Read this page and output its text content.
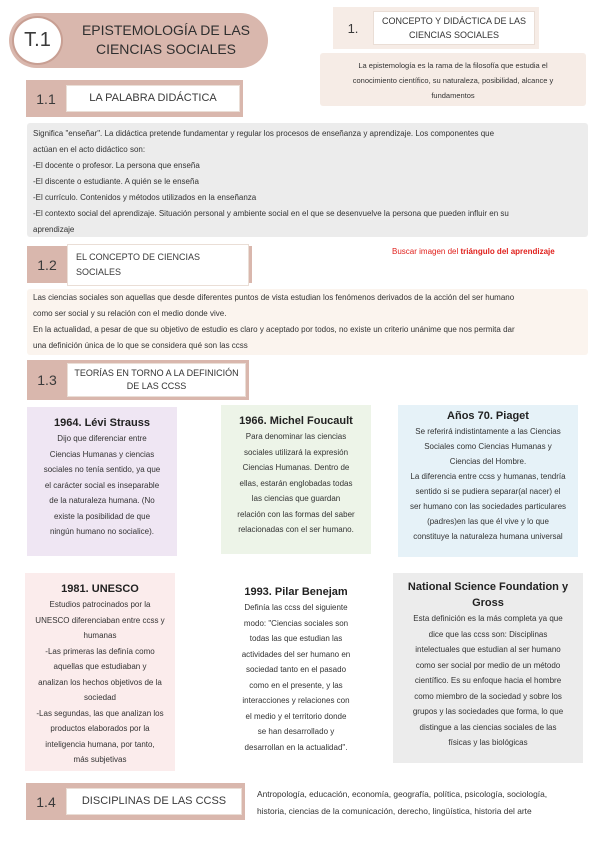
T.1	EPISTEMOLOGÍA DE LAS
CIENCIAS SOCIALES
1.	CONCEPTO Y DIDÁCTICA DE LAS
CIENCIAS SOCIALES
La epistemología es la rama de la filosofía que estudia el
conocimiento científico, su naturaleza, posibilidad, alcance y
fundamentos
1.1	LA PALABRA DIDÁCTICA
Significa "enseñar". La didáctica pretende fundamentar y regular los procesos de enseñanza y aprendizaje. Los componentes que
actúan en el acto didáctico son:
-El docente o profesor. La persona que enseña
-El discente o estudiante. A quién se le enseña
-El currículo. Contenidos y métodos utilizados en la enseñanza
-El contexto social del aprendizaje. Situación personal y ambiente social en el que se desenvuelve la persona que pueden influir en su
aprendizaje
1.2	EL CONCEPTO DE CIENCIAS SOCIALES
Buscar imagen del triángulo del aprendizaje
Las ciencias sociales son aquellas que desde diferentes puntos de vista estudian los fenómenos derivados de la acción del ser humano
como ser social y su relación con el medio donde vive.
En la actualidad, a pesar de que su objetivo de estudio es claro y aceptado por todos, no existe un criterio unánime que nos permita dar
una definición única de lo que se considera qué son las ccss
1.3	TEORÍAS EN TORNO A LA DEFINICIÓN
DE LAS CCSS
1964. Lévi Strauss
Dijo que diferenciar entre
Ciencias Humanas y ciencias
sociales no tenía sentido, ya que
el carácter social es inseparable
de la naturaleza humana. (No
existe la posibilidad de que
ningún humano no socialice).
1966. Michel Foucault
Para denominar las ciencias
sociales utilizará la expresión
Ciencias Humanas. Dentro de
ellas, estarán englobadas todas
las ciencias que guardan
relación con las formas del saber
relacionadas con el ser humano.
Años 70. Piaget
Se referirá indistintamente a las Ciencias
Sociales como Ciencias Humanas y
Ciencias del Hombre.
La diferencia entre ccss y humanas, tendría
sentido si se pudiera separar(al nacer) el
ser humano con las sociedades particulares
(padres)en las que él vive y lo que
constituye la naturaleza humana universal
1981. UNESCO
Estudios patrocinados por la
UNESCO diferenciaban entre ccss y
humanas
-Las primeras las definía como
aquellas que estudiaban y
analizan los hechos objetivos de la
sociedad
-Las segundas, las que analizan los
productos elaborados por la
inteligencia humana, por tanto,
más subjetivas
1993. Pilar Benejam
Definía las ccss del siguiente
modo: "Ciencias sociales son
todas las que estudian las
actividades del ser humano en
sociedad tanto en el pasado
como en el presente, y las
interacciones y relaciones con
el medio y el territorio donde
se han desarrollado y
desarrollan en la actualidad".
National Science Foundation y
Gross
Esta definición es la más completa ya que
dice que las ccss son: Disciplinas
intelectuales que estudian al ser humano
como ser social por medio de un método
científico. Es su enfoque hacia el hombre
como miembro de la sociedad y sobre los
grupos y las sociedades que forma, lo que
distingue a las ciencias sociales de las
físicas y las biológicas
1.4	DISCIPLINAS DE LAS CCSS
Antropología, educación, economía, geografía, política, psicología, sociología,
historia, ciencias de la comunicación, derecho, lingüística, historia del arte
